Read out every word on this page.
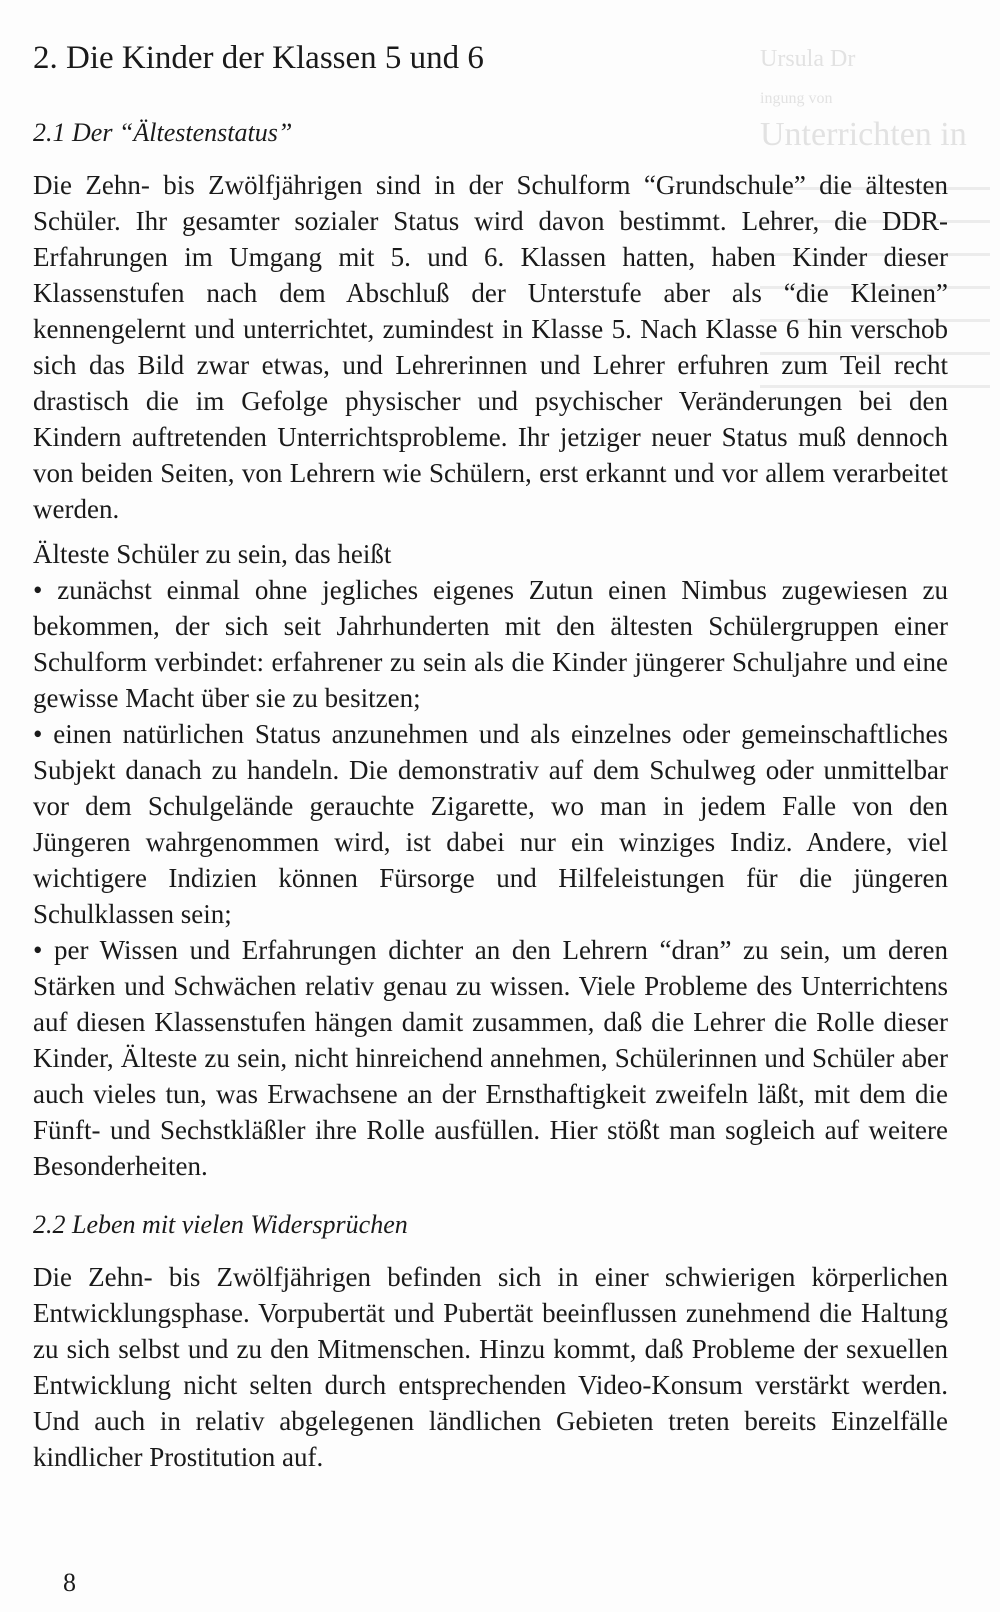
Ursula Dr
ingung von
Unterrichten in

2. Die Kinder der Klassen 5 und 6
2.1 Der “Ältestenstatus”

Die Zehn- bis Zwölfjährigen sind in der Schulform “Grundschule” die ältesten Schüler. Ihr gesamter sozialer Status wird davon bestimmt. Lehrer, die DDR-Erfahrungen im Umgang mit 5. und 6. Klassen hatten, haben Kinder dieser Klassenstufen nach dem Abschluß der Unterstufe aber als “die Kleinen” kennengelernt und unterrichtet, zumindest in Klasse 5. Nach Klasse 6 hin verschob sich das Bild zwar etwas, und Lehrerinnen und Lehrer erfuhren zum Teil recht drastisch die im Gefolge physischer und psychischer Veränderungen bei den Kindern auftretenden Unterrichtsprobleme. Ihr jetziger neuer Status muß dennoch von beiden Seiten, von Lehrern wie Schülern, erst erkannt und vor allem verarbeitet werden.

Älteste Schüler zu sein, das heißt
• zunächst einmal ohne jegliches eigenes Zutun einen Nimbus zugewiesen zu bekommen, der sich seit Jahrhunderten mit den ältesten Schülergruppen einer Schulform verbindet: erfahrener zu sein als die Kinder jüngerer Schuljahre und eine gewisse Macht über sie zu besitzen;
• einen natürlichen Status anzunehmen und als einzelnes oder gemeinschaftliches Subjekt danach zu handeln. Die demonstrativ auf dem Schulweg oder unmittelbar vor dem Schulgelände gerauchte Zigarette, wo man in jedem Falle von den Jüngeren wahrgenommen wird, ist dabei nur ein winziges Indiz. Andere, viel wichtigere Indizien können Fürsorge und Hilfeleistungen für die jüngeren Schulklassen sein;
• per Wissen und Erfahrungen dichter an den Lehrern “dran” zu sein, um deren Stärken und Schwächen relativ genau zu wissen. Viele Probleme des Unterrichtens auf diesen Klassenstufen hängen damit zusammen, daß die Lehrer die Rolle dieser Kinder, Älteste zu sein, nicht hinreichend annehmen, Schülerinnen und Schüler aber auch vieles tun, was Erwachsene an der Ernsthaftigkeit zweifeln läßt, mit dem die Fünft- und Sechstkläßler ihre Rolle ausfüllen. Hier stößt man sogleich auf weitere Besonderheiten.

2.2 Leben mit vielen Widersprüchen

Die Zehn- bis Zwölfjährigen befinden sich in einer schwierigen körperlichen Entwicklungsphase. Vorpubertät und Pubertät beeinflussen zunehmend die Haltung zu sich selbst und zu den Mitmenschen. Hinzu kommt, daß Probleme der sexuellen Entwicklung nicht selten durch entsprechenden Video-Konsum verstärkt werden. Und auch in relativ abgelegenen ländlichen Gebieten treten bereits Einzelfälle kindlicher Prostitution auf.

8
